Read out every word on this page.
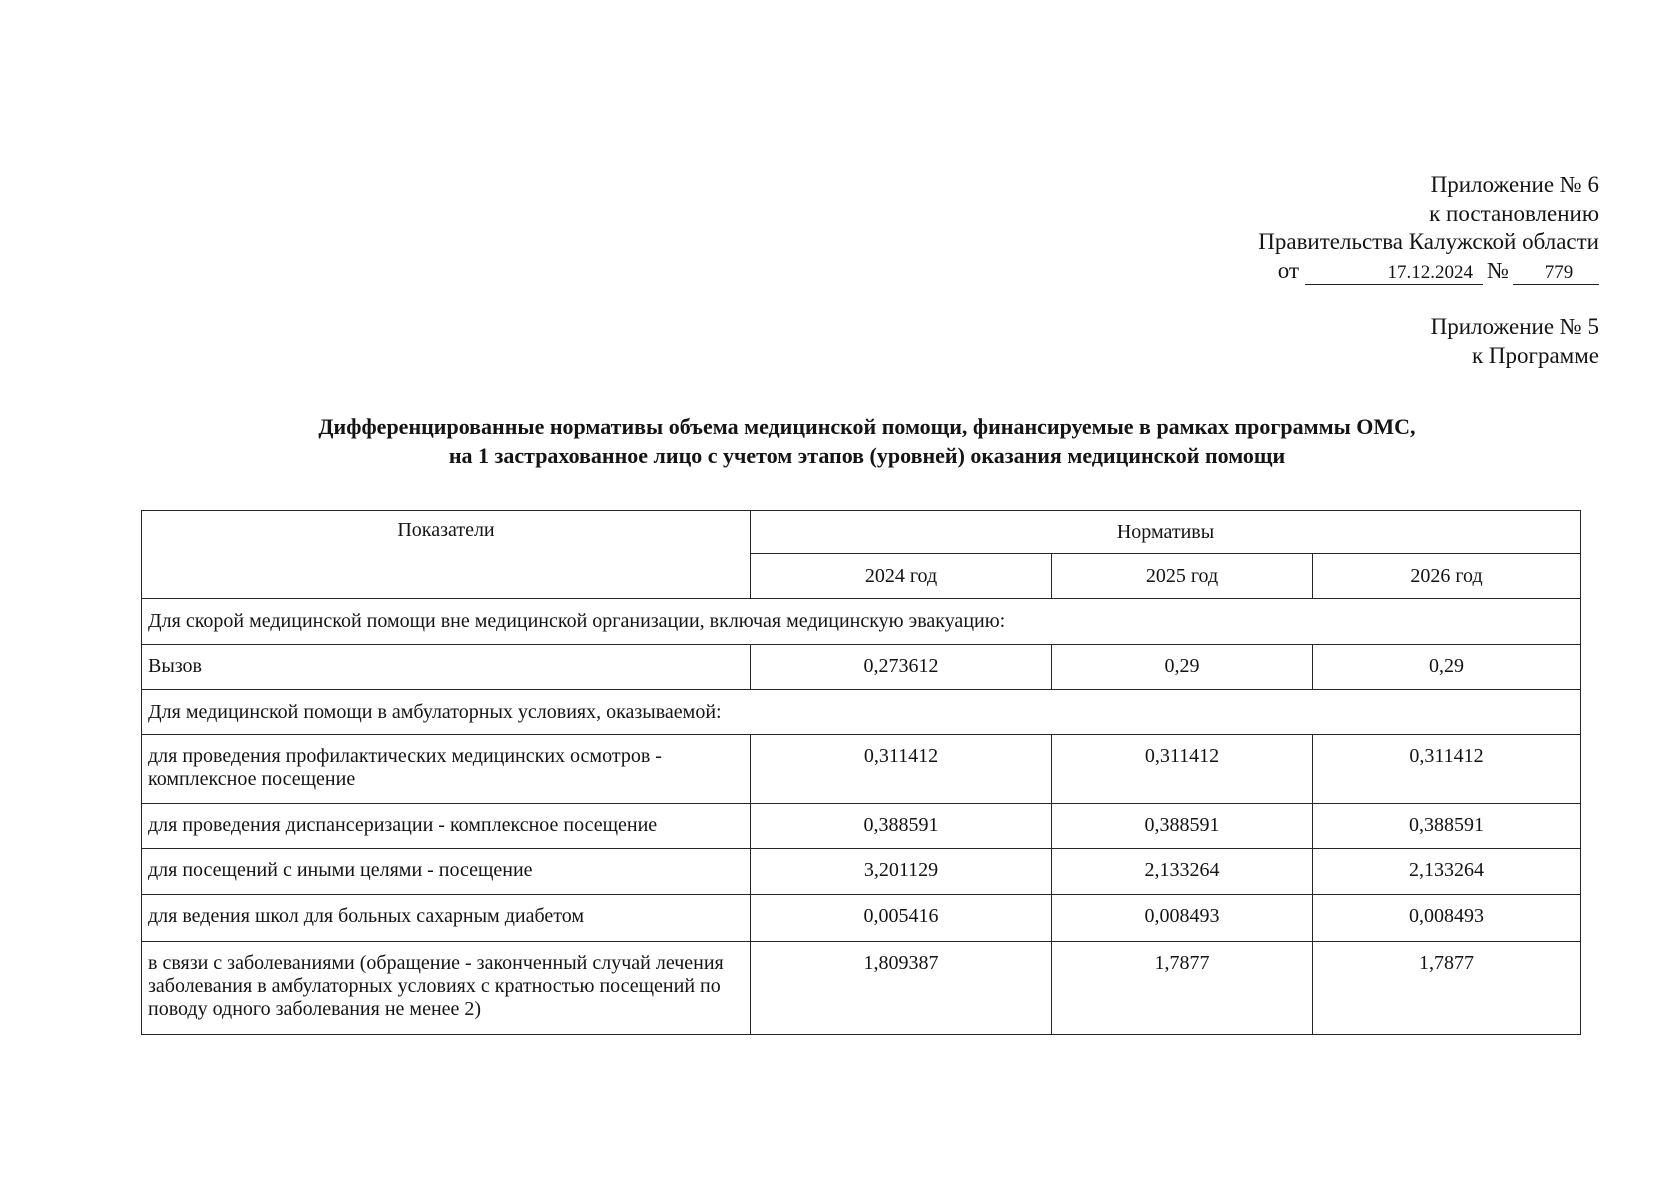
Приложение № 6
к постановлению
Правительства Калужской области
от	17.12.2024 № 779
Приложение № 5
к Программе
Дифференцированные нормативы объема медицинской помощи, финансируемые в рамках программы ОМС,
на 1 застрахованное лицо с учетом этапов (уровней) оказания медицинской помощи
Показатели	Нормативы		
	2024 год	2025 год	2026 год
Для скорой медицинской помощи вне медицинской организации, включая медицинскую эвакуацию:			
Вызов	0,273612	0,29	0,29
Для медицинской помощи в амбулаторных условиях, оказываемой:			
для проведения профилактических медицинских осмотров - комплексное посещение	0,311412	0,311412	0,311412
для проведения диспансеризации - комплексное посещение	0,388591	0,388591	0,388591
для посещений с иными целями - посещение	3,201129	2,133264	2,133264
для ведения школ для больных сахарным диабетом	0,005416	0,008493	0,008493
в связи с заболеваниями (обращение - законченный случай лечения заболевания в амбулаторных условиях с кратностью посещений по поводу одного заболевания не менее 2)	1,809387	1,7877	1,7877
